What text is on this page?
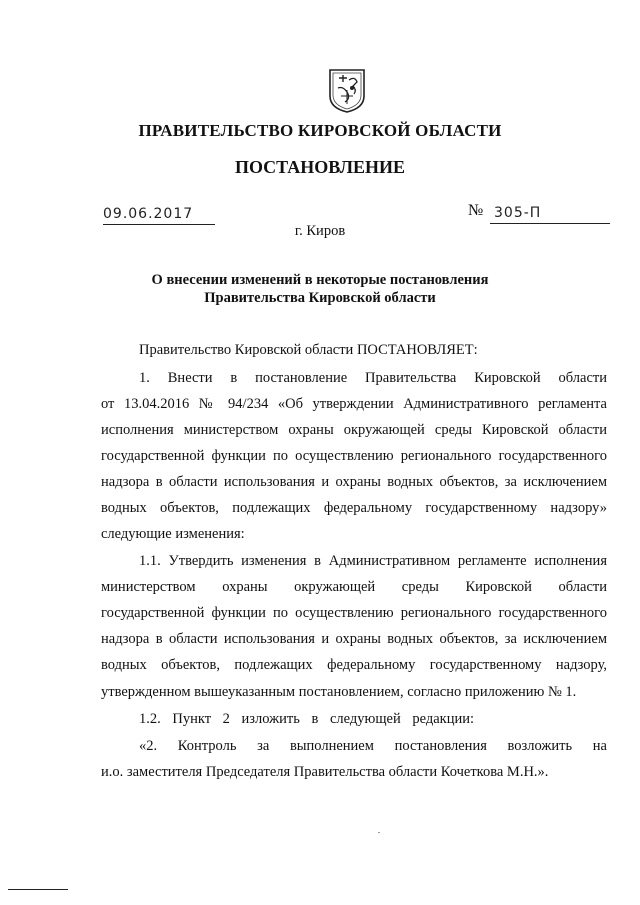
ПРАВИТЕЛЬСТВО КИРОВСКОЙ ОБЛАСТИ
ПОСТАНОВЛЕНИЕ
09.06.2017	№ 305-П
г. Киров
О внесении изменений в некоторые постановления
Правительства Кировской области
Правительство Кировской области ПОСТАНОВЛЯЕТ:
1. Внести в постановление Правительства Кировской области
от 13.04.2016 № 94/234 «Об утверждении Административного регламента
исполнения министерством охраны окружающей среды Кировской области
государственной функции по осуществлению регионального государственного
надзора в области использования и охраны водных объектов, за исключением
водных объектов, подлежащих федеральному государственному надзору»
следующие изменения:
1.1. Утвердить изменения в Административном регламенте исполнения
министерством охраны окружающей среды Кировской области
государственной функции по осуществлению регионального государственного
надзора в области использования и охраны водных объектов, за исключением
водных объектов, подлежащих федеральному государственному надзору,
утвержденном вышеуказанным постановлением, согласно приложению № 1.
1.2. Пункт 2 изложить в следующей редакции:
«2. Контроль за выполнением постановления возложить на
и.о. заместителя Председателя Правительства области Кочеткова М.Н.».
